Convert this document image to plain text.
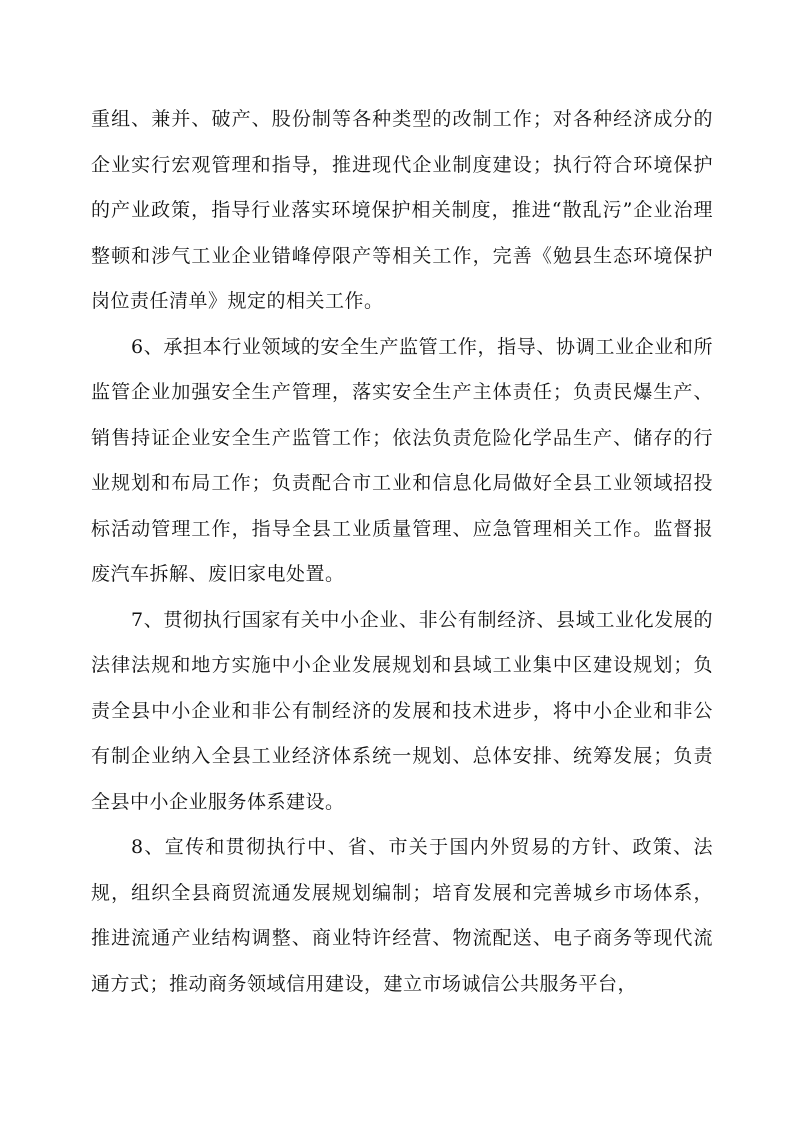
重组、兼并、破产、股份制等各种类型的改制工作；对各种经济成分的企业实行宏观管理和指导，推进现代企业制度建设；执行符合环境保护的产业政策，指导行业落实环境保护相关制度，推进“散乱污”企业治理整顿和涉气工业企业错峰停限产等相关工作，完善《勉县生态环境保护岗位责任清单》规定的相关工作。

6、承担本行业领域的安全生产监管工作，指导、协调工业企业和所监管企业加强安全生产管理，落实安全生产主体责任；负责民爆生产、销售持证企业安全生产监管工作；依法负责危险化学品生产、储存的行业规划和布局工作；负责配合市工业和信息化局做好全县工业领域招投标活动管理工作，指导全县工业质量管理、应急管理相关工作。监督报废汽车拆解、废旧家电处置。

7、贯彻执行国家有关中小企业、非公有制经济、县域工业化发展的法律法规和地方实施中小企业发展规划和县域工业集中区建设规划；负责全县中小企业和非公有制经济的发展和技术进步，将中小企业和非公有制企业纳入全县工业经济体系统一规划、总体安排、统筹发展；负责全县中小企业服务体系建设。

8、宣传和贯彻执行中、省、市关于国内外贸易的方针、政策、法规，组织全县商贸流通发展规划编制；培育发展和完善城乡市场体系，推进流通产业结构调整、商业特许经营、物流配送、电子商务等现代流通方式；推动商务领域信用建设，建立市场诚信公共服务平台，
